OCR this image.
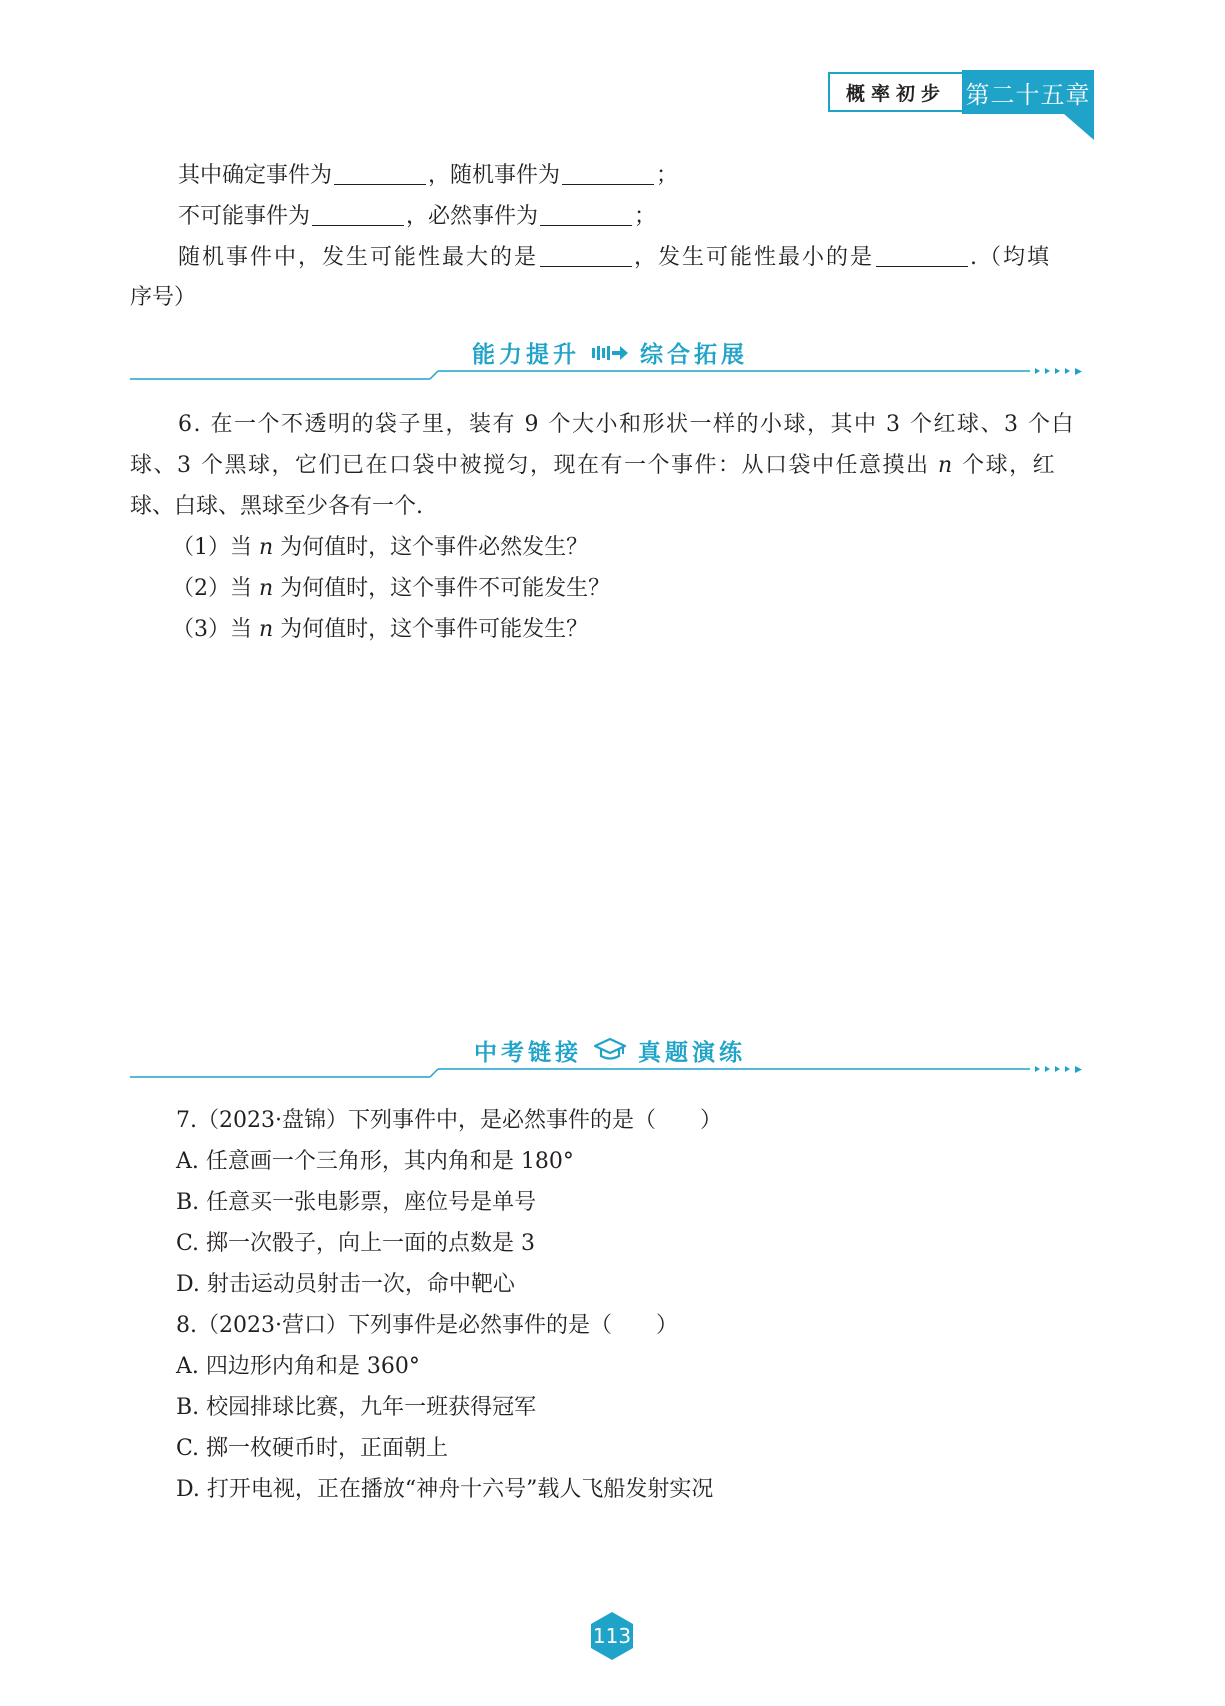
概率初步 第二十五章
其中确定事件为	，随机事件为	；
不可能事件为	，必然事件为	；
随机事件中，发生可能性最大的是	，发生可能性最小的是	.（均填
序号）
能力提升	综合拓展
6. 在一个不透明的袋子里，装有 9 个大小和形状一样的小球，其中 3 个红球、3 个白
球、3 个黑球，它们已在口袋中被搅匀，现在有一个事件：从口袋中任意摸出 n 个球，红
球、白球、黑球至少各有一个.
（1）当 n 为何值时，这个事件必然发生？
（2）当 n 为何值时，这个事件不可能发生？
（3）当 n 为何值时，这个事件可能发生？
中考链接 真题演练
7.（2023·盘锦）下列事件中，是必然事件的是（　　）
A. 任意画一个三角形，其内角和是 180°
B. 任意买一张电影票，座位号是单号
C. 掷一次骰子，向上一面的点数是 3
D. 射击运动员射击一次，命中靶心
8.（2023·营口）下列事件是必然事件的是（　　）
A. 四边形内角和是 360°
B. 校园排球比赛，九年一班获得冠军
C. 掷一枚硬币时，正面朝上
D. 打开电视，正在播放“神舟十六号”载人飞船发射实况
113
